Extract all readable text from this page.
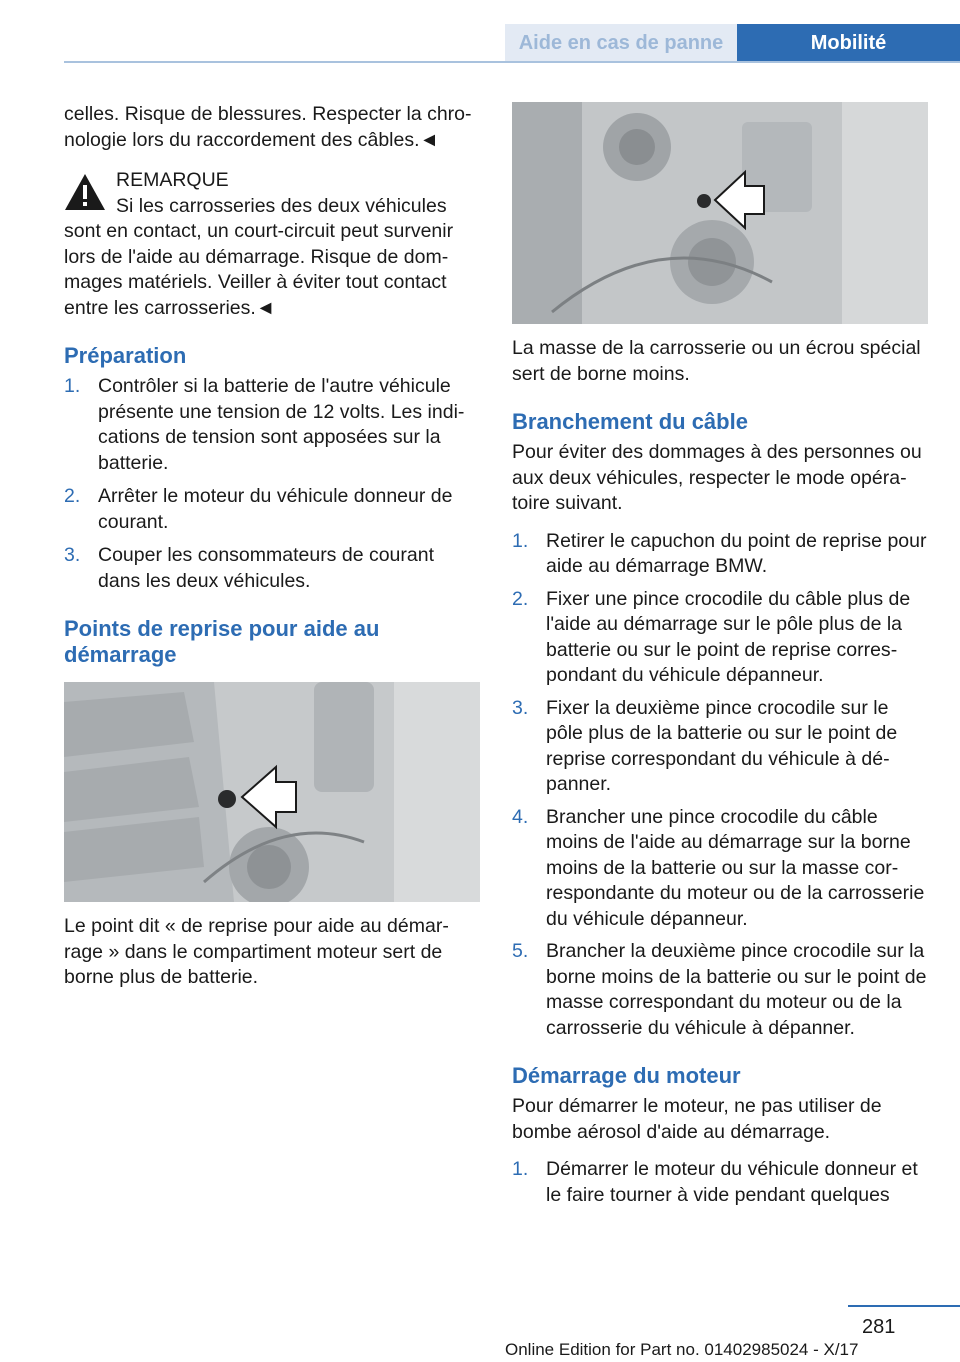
Aide en cas de panne	Mobilité

celles. Risque de blessures. Respecter la chronologie lors du raccordement des câbles.◄

REMARQUE

Si les carrosseries des deux véhicules

sont en contact, un court-circuit peut survenir lors de l'aide au démarrage. Risque de dommages matériels. Veiller à éviter tout contact entre les carrosseries.◄

Préparation
1. Contrôler si la batterie de l'autre véhicule présente une tension de 12 volts. Les indications de tension sont apposées sur la batterie.
2. Arrêter le moteur du véhicule donneur de courant.
3. Couper les consommateurs de courant dans les deux véhicules.
Points de reprise pour aide au démarrage

Le point dit « de reprise pour aide au démarrage » dans le compartiment moteur sert de borne plus de batterie.

La masse de la carrosserie ou un écrou spécial sert de borne moins.

Branchement du câble

Pour éviter des dommages à des personnes ou aux deux véhicules, respecter le mode opératoire suivant.

1. Retirer le capuchon du point de reprise pour aide au démarrage BMW.
2. Fixer une pince crocodile du câble plus de l'aide au démarrage sur le pôle plus de la batterie ou sur le point de reprise correspondant du véhicule dépanneur.
3. Fixer la deuxième pince crocodile sur le pôle plus de la batterie ou sur le point de reprise correspondant du véhicule à dépanner.
4. Brancher une pince crocodile du câble moins de l'aide au démarrage sur la borne moins de la batterie ou sur la masse correspondante du moteur ou de la carrosserie du véhicule dépanneur.
5. Brancher la deuxième pince crocodile sur la borne moins de la batterie ou sur le point de masse correspondant du moteur ou de la carrosserie du véhicule à dépanner.
Démarrage du moteur

Pour démarrer le moteur, ne pas utiliser de bombe aérosol d'aide au démarrage.

1. Démarrer le moteur du véhicule donneur et le faire tourner à vide pendant quelques
281
Online Edition for Part no. 01402985024 - X/17
